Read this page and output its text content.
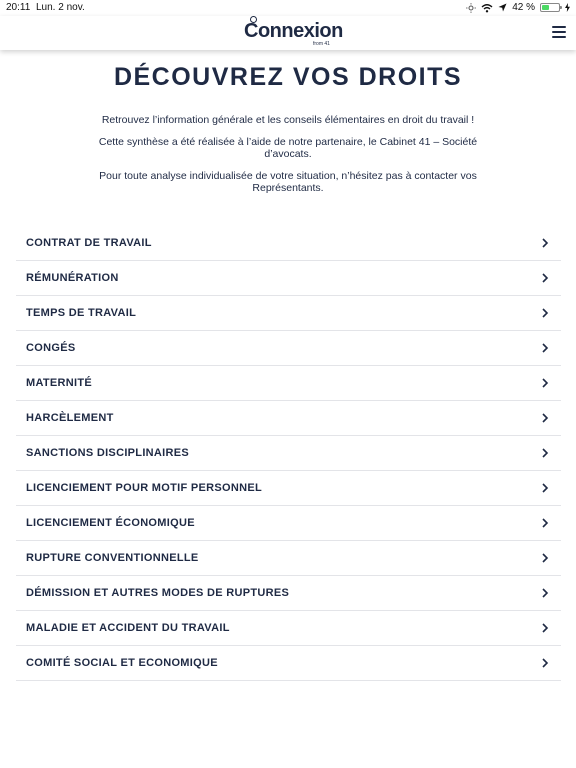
20:11 Lun. 2 nov.	42 %
Connexion
from 41
DÉCOUVREZ VOS DROITS

Retrouvez l’information générale et les conseils élémentaires en droit du travail !

Cette synthèse a été réalisée à l’aide de notre partenaire, le Cabinet 41 – Société d’avocats.

Pour toute analyse individualisée de votre situation, n’hésitez pas à contacter vos Représentants.

CONTRAT DE TRAVAIL
RÉMUNÉRATION
TEMPS DE TRAVAIL
CONGÉS
MATERNITÉ
HARCÈLEMENT
SANCTIONS DISCIPLINAIRES
LICENCIEMENT POUR MOTIF PERSONNEL
LICENCIEMENT ÉCONOMIQUE
RUPTURE CONVENTIONNELLE
DÉMISSION ET AUTRES MODES DE RUPTURES
MALADIE ET ACCIDENT DU TRAVAIL
COMITÉ SOCIAL ET ECONOMIQUE
